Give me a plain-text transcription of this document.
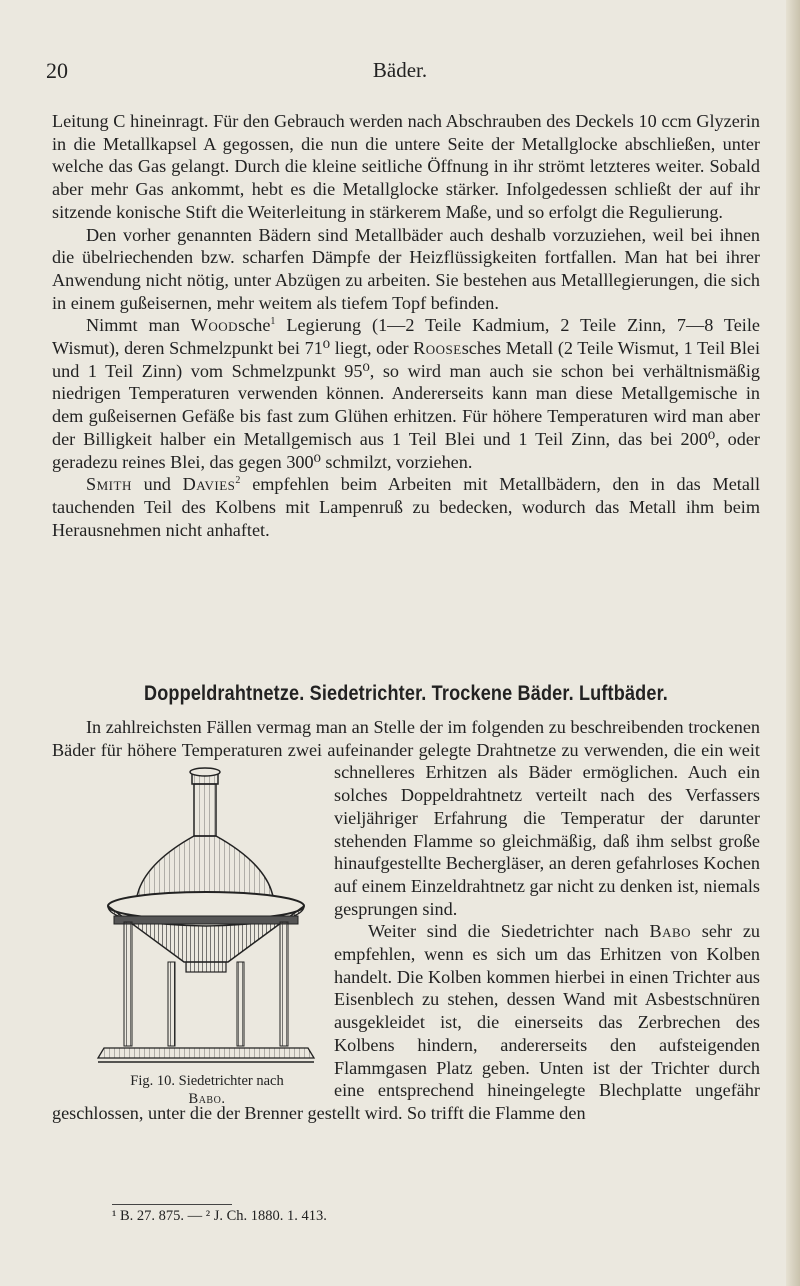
20	Bäder.

Leitung C hineinragt. Für den Gebrauch werden nach Abschrauben des Deckels 10 ccm Glyzerin in die Metallkapsel A gegossen, die nun die untere Seite der Metallglocke abschließen, unter welche das Gas gelangt. Durch die kleine seitliche Öffnung in ihr strömt letzteres weiter. Sobald aber mehr Gas ankommt, hebt es die Metallglocke stärker. Infolgedessen schließt der auf ihr sitzende konische Stift die Weiterleitung in stärkerem Maße, und so erfolgt die Regulierung.

Den vorher genannten Bädern sind Metallbäder auch deshalb vorzuziehen, weil bei ihnen die übelriechenden bzw. scharfen Dämpfe der Heizflüssigkeiten fortfallen. Man hat bei ihrer Anwendung nicht nötig, unter Abzügen zu arbeiten. Sie bestehen aus Metalllegierungen, die sich in einem gußeisernen, mehr weitem als tiefem Topf befinden.

Nimmt man Woodsche$^1$ Legierung (1—2 Teile Kadmium, 2 Teile Zinn, 7—8 Teile Wismut), deren Schmelzpunkt bei 71⁰ liegt, oder Roosesches Metall (2 Teile Wismut, 1 Teil Blei und 1 Teil Zinn) vom Schmelzpunkt 95⁰, so wird man auch sie schon bei verhältnismäßig niedrigen Temperaturen verwenden können. Andererseits kann man diese Metallgemische in dem gußeisernen Gefäße bis fast zum Glühen erhitzen. Für höhere Temperaturen wird man aber der Billigkeit halber ein Metallgemisch aus 1 Teil Blei und 1 Teil Zinn, das bei 200⁰, oder geradezu reines Blei, das gegen 300⁰ schmilzt, vorziehen.

Smith und Davies$^2$ empfehlen beim Arbeiten mit Metallbädern, den in das Metall tauchenden Teil des Kolbens mit Lampenruß zu bedecken, wodurch das Metall ihm beim Herausnehmen nicht anhaftet.

Doppeldrahtnetze. Siedetrichter. Trockene Bäder. Luftbäder.
Fig. 10. Siedetrichter nach
Babo.

In zahlreichsten Fällen vermag man an Stelle der im folgenden zu beschreibenden trockenen Bäder für höhere Temperaturen zwei aufeinander gelegte Drahtnetze zu verwenden, die ein weit schnelleres Erhitzen als Bäder ermöglichen. Auch ein solches Doppeldrahtnetz verteilt nach des Verfassers vieljähriger Erfahrung die Temperatur der darunter stehenden Flamme so gleichmäßig, daß ihm selbst große hinaufgestellte Bechergläser, an deren gefahrloses Kochen auf einem Einzeldrahtnetz gar nicht zu denken ist, niemals gesprungen sind.

Weiter sind die Siedetrichter nach Babo sehr zu empfehlen, wenn es sich um das Erhitzen von Kolben handelt. Die Kolben kommen hierbei in einen Trichter aus Eisenblech zu stehen, dessen Wand mit Asbestschnüren ausgekleidet ist, die einerseits das Zerbrechen des Kolbens hindern, andererseits den aufsteigenden Flammgasen Platz geben. Unten ist der Trichter durch eine entsprechend hineingelegte Blechplatte ungefähr geschlossen, unter die der Brenner gestellt wird. So trifft die Flamme den

¹ B. 27. 875. — ² J. Ch. 1880. 1. 413.
